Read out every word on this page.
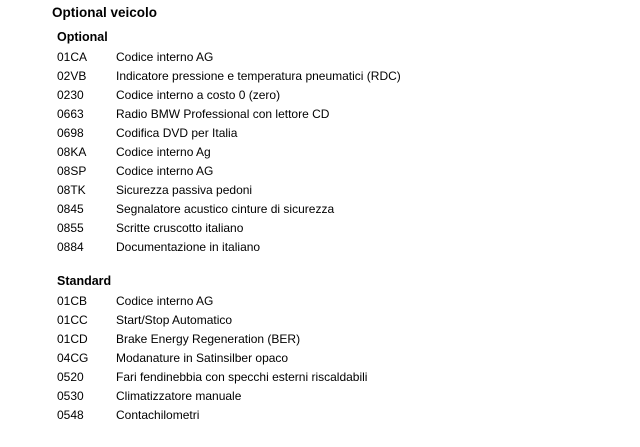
Optional veicolo
Optional
01CA	Codice interno AG
02VB	Indicatore pressione e temperatura pneumatici (RDC)
0230	Codice interno a costo 0 (zero)
0663	Radio BMW Professional con lettore CD
0698	Codifica DVD per Italia
08KA	Codice interno Ag
08SP	Codice interno AG
08TK	Sicurezza passiva pedoni
0845	Segnalatore acustico cinture di sicurezza
0855	Scritte cruscotto italiano
0884	Documentazione in italiano
Standard
01CB	Codice interno AG
01CC	Start/Stop Automatico
01CD	Brake Energy Regeneration (BER)
04CG	Modanature in Satinsilber opaco
0520	Fari fendinebbia con specchi esterni riscaldabili
0530	Climatizzatore manuale
0548	Contachilometri
